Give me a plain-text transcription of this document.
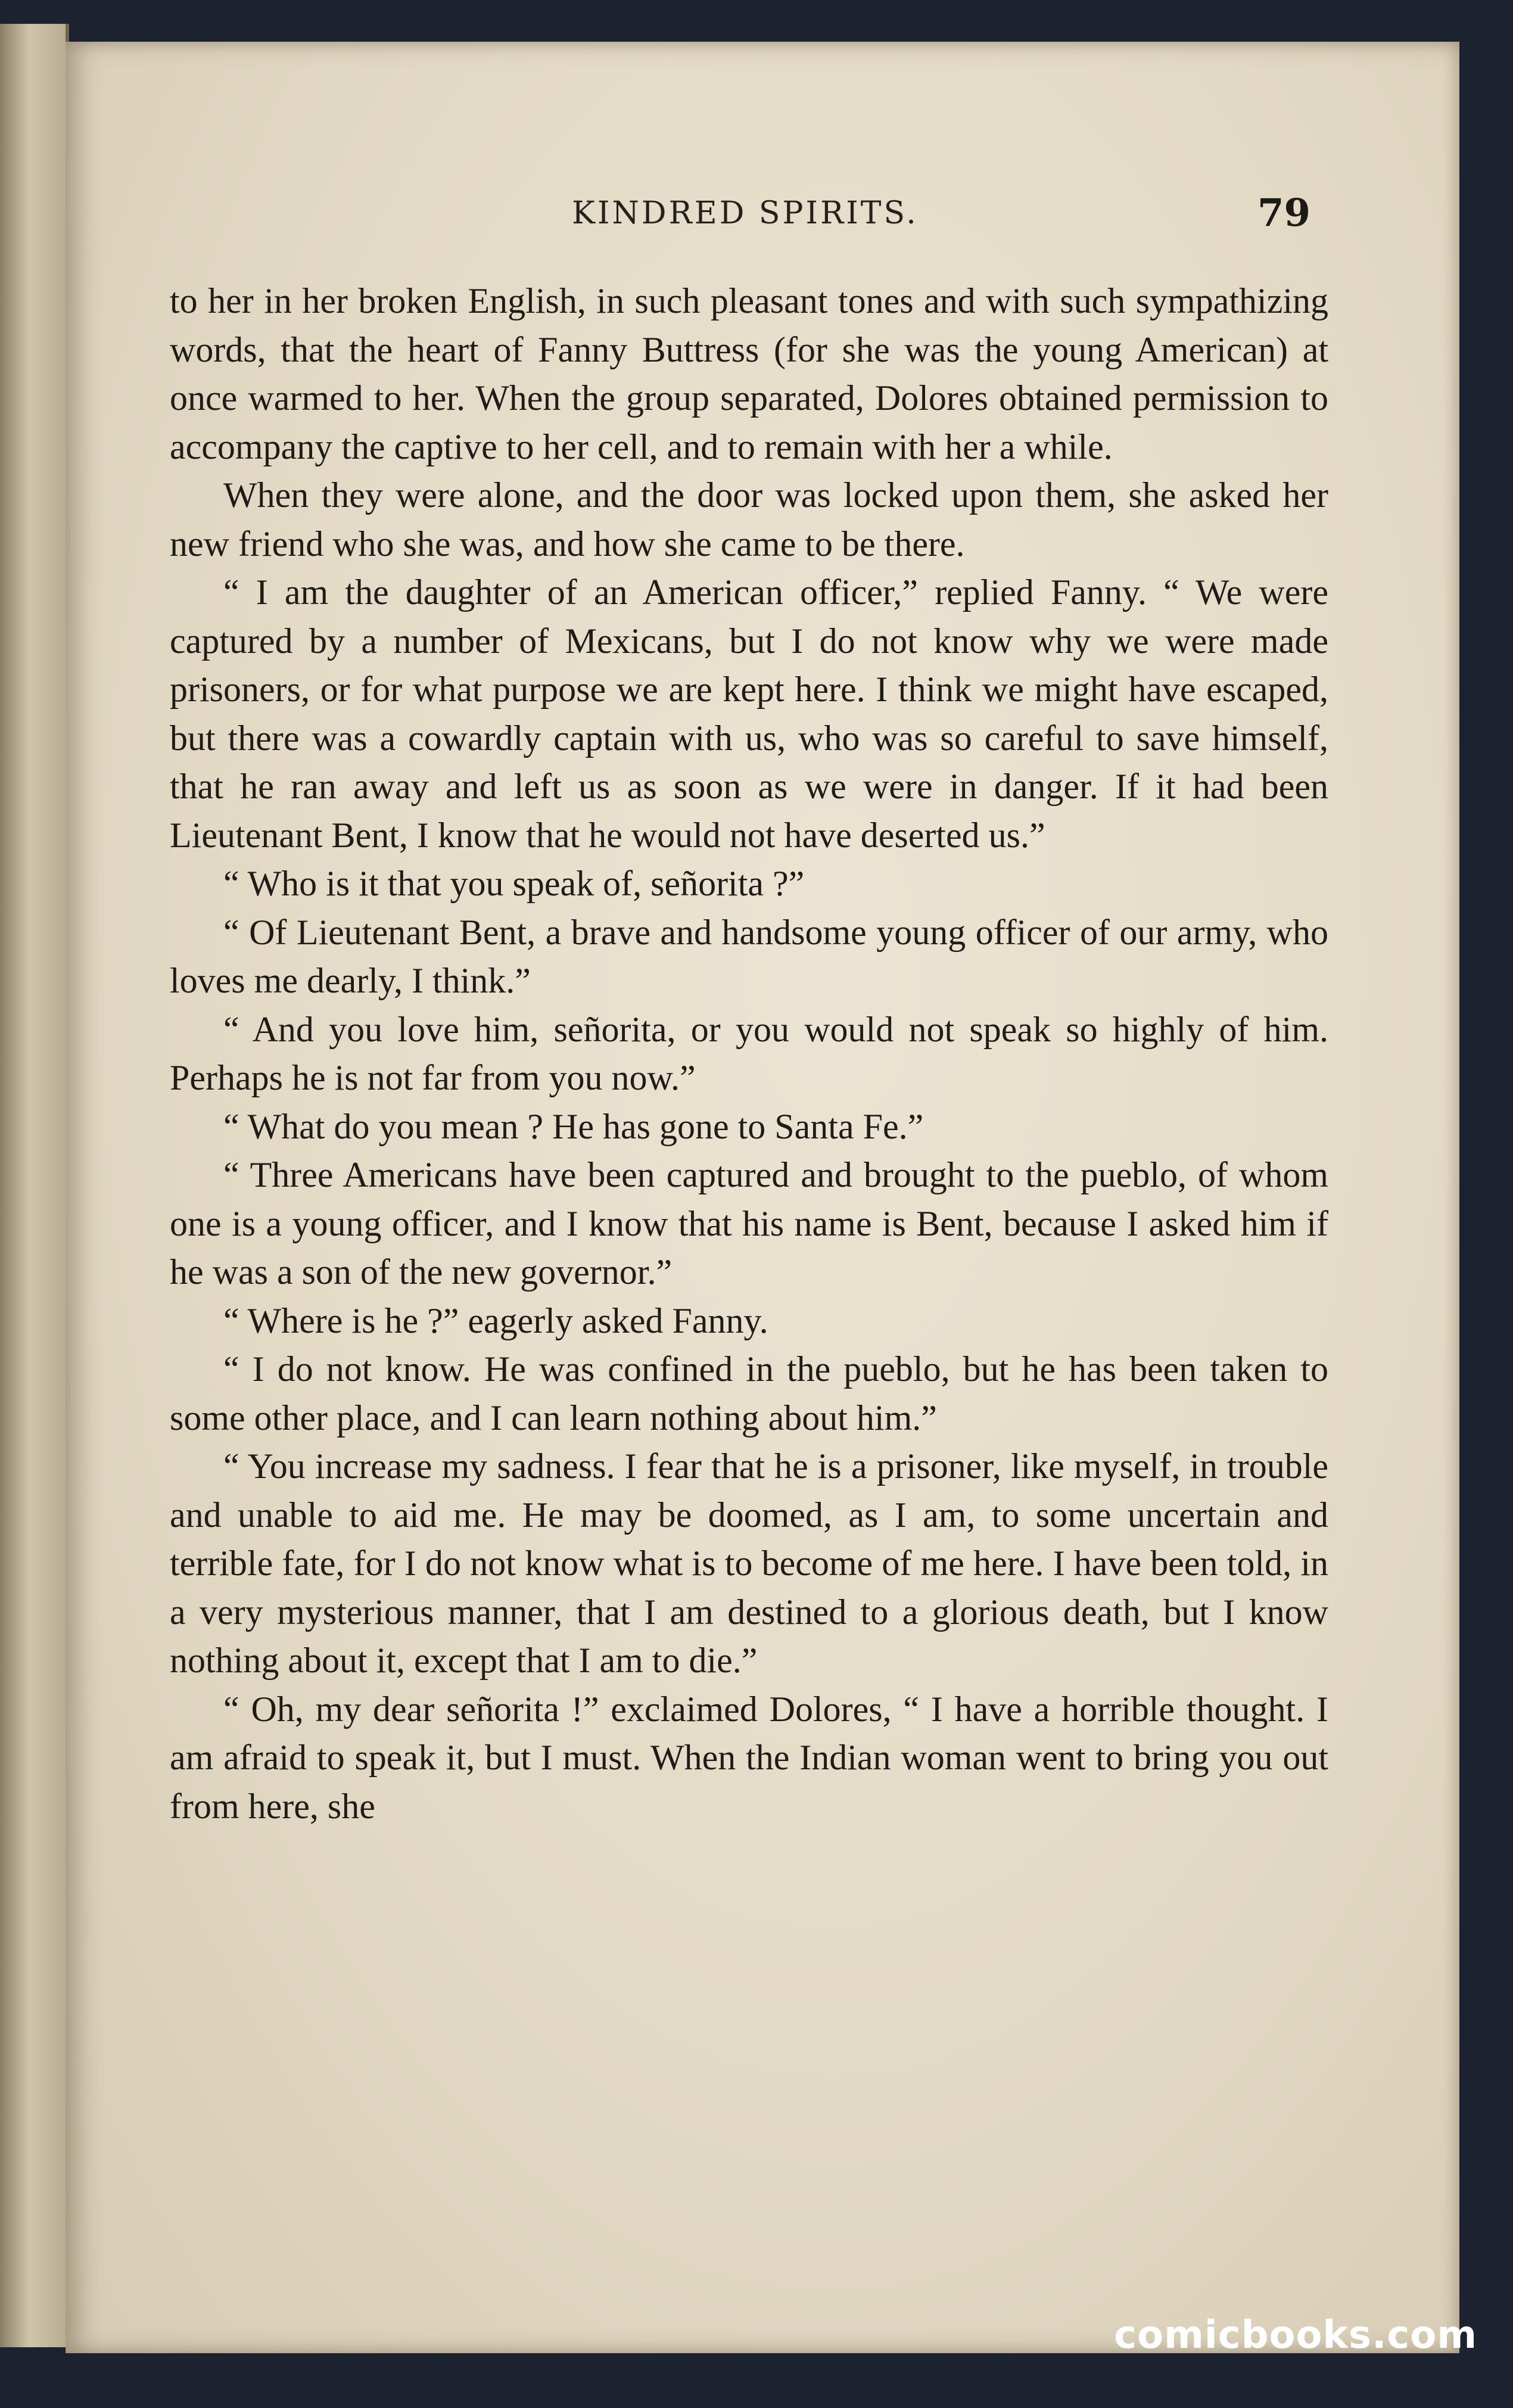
KINDRED SPIRITS.	79

to her in her broken English, in such pleasant tones and with such sympathizing words, that the heart of Fanny Buttress (for she was the young American) at once warmed to her. When the group separated, Dolores obtained permission to accompany the captive to her cell, and to remain with her a while.

When they were alone, and the door was locked upon them, she asked her new friend who she was, and how she came to be there.

“ I am the daughter of an American officer,” replied Fanny. “ We were captured by a number of Mexicans, but I do not know why we were made prisoners, or for what purpose we are kept here. I think we might have escaped, but there was a cowardly captain with us, who was so careful to save himself, that he ran away and left us as soon as we were in danger. If it had been Lieutenant Bent, I know that he would not have deserted us.”

“ Who is it that you speak of, señorita ?”

“ Of Lieutenant Bent, a brave and handsome young officer of our army, who loves me dearly, I think.”

“ And you love him, señorita, or you would not speak so highly of him. Perhaps he is not far from you now.”

“ What do you mean ? He has gone to Santa Fe.”

“ Three Americans have been captured and brought to the pueblo, of whom one is a young officer, and I know that his name is Bent, because I asked him if he was a son of the new governor.”

“ Where is he ?” eagerly asked Fanny.

“ I do not know. He was confined in the pueblo, but he has been taken to some other place, and I can learn nothing about him.”

“ You increase my sadness. I fear that he is a prisoner, like myself, in trouble and unable to aid me. He may be doomed, as I am, to some uncertain and terrible fate, for I do not know what is to become of me here. I have been told, in a very mysterious manner, that I am destined to a glorious death, but I know nothing about it, except that I am to die.”

“ Oh, my dear señorita !” exclaimed Dolores, “ I have a horrible thought. I am afraid to speak it, but I must. When the Indian woman went to bring you out from here, she

comicbooks.com
